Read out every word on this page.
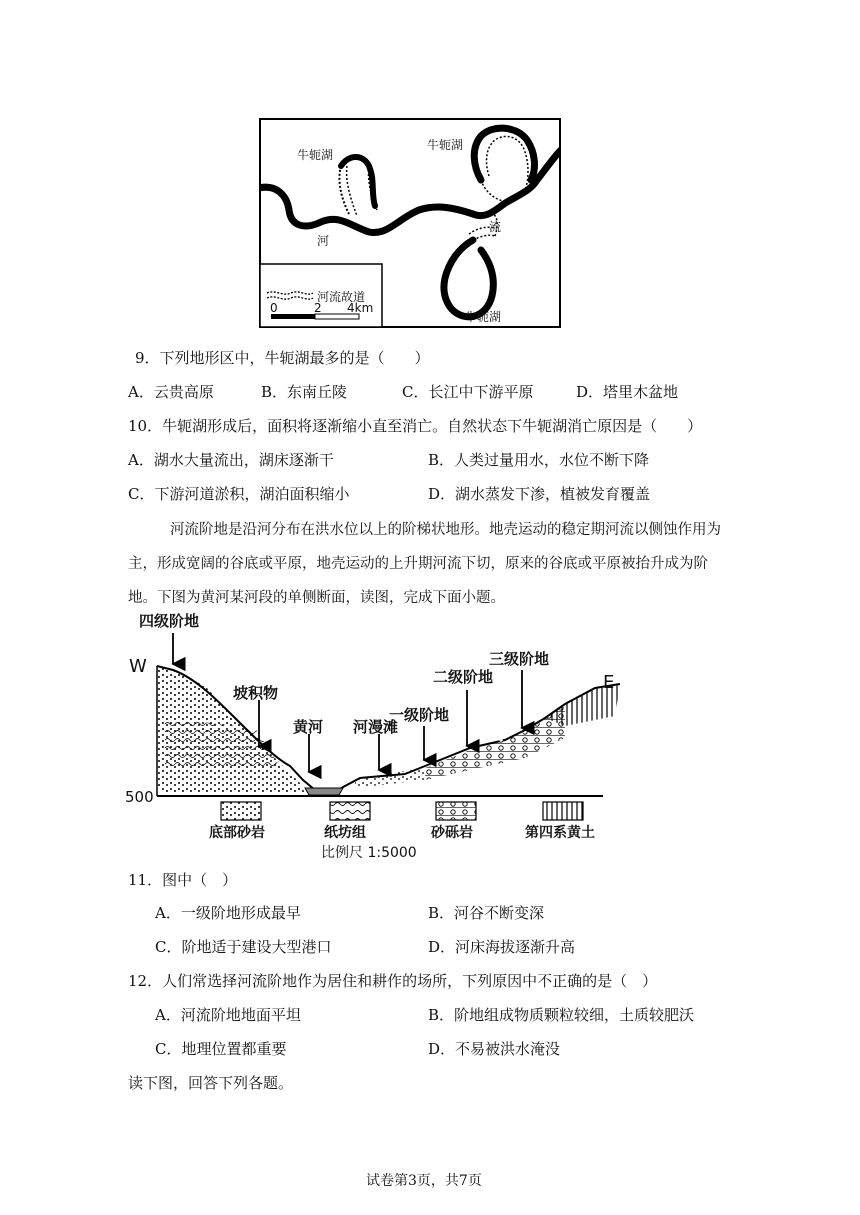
牛轭湖
牛轭湖
牛轭湖
河
流
河流故道
0	2 4km
9．下列地形区中，牛轭湖最多的是（　　）
A．云贵高原	B．东南丘陵	C．长江中下游平原	D．塔里木盆地
10．牛轭湖形成后，面积将逐渐缩小直至消亡。自然状态下牛轭湖消亡原因是（　　）
A．湖水大量流出，湖床逐渐干	B．人类过量用水，水位不断下降
C．下游河道淤积，湖泊面积缩小	D．湖水蒸发下渗，植被发育覆盖
河流阶地是沿河分布在洪水位以上的阶梯状地形。地壳运动的稳定期河流以侧蚀作用为主，形成宽阔的谷底或平原，地壳运动的上升期河流下切，原来的谷底或平原被抬升成为阶地。下图为黄河某河段的单侧断面，读图，完成下面小题。
四级阶地
W
E
坡积物
黄河 河漫滩
一级阶地
二级阶地
三级阶地
500
底部砂岩	纸坊组	砂砾岩	第四系黄土
比例尺 1:5000
11．图中（　）
A．一级阶地形成最早	B．河谷不断变深
C．阶地适于建设大型港口	D．河床海拔逐渐升高
12．人们常选择河流阶地作为居住和耕作的场所，下列原因中不正确的是（　）
A．河流阶地地面平坦	B．阶地组成物质颗粒较细，土质较肥沃
C．地理位置都重要	D．不易被洪水淹没
读下图，回答下列各题。
试卷第3页，共7页
